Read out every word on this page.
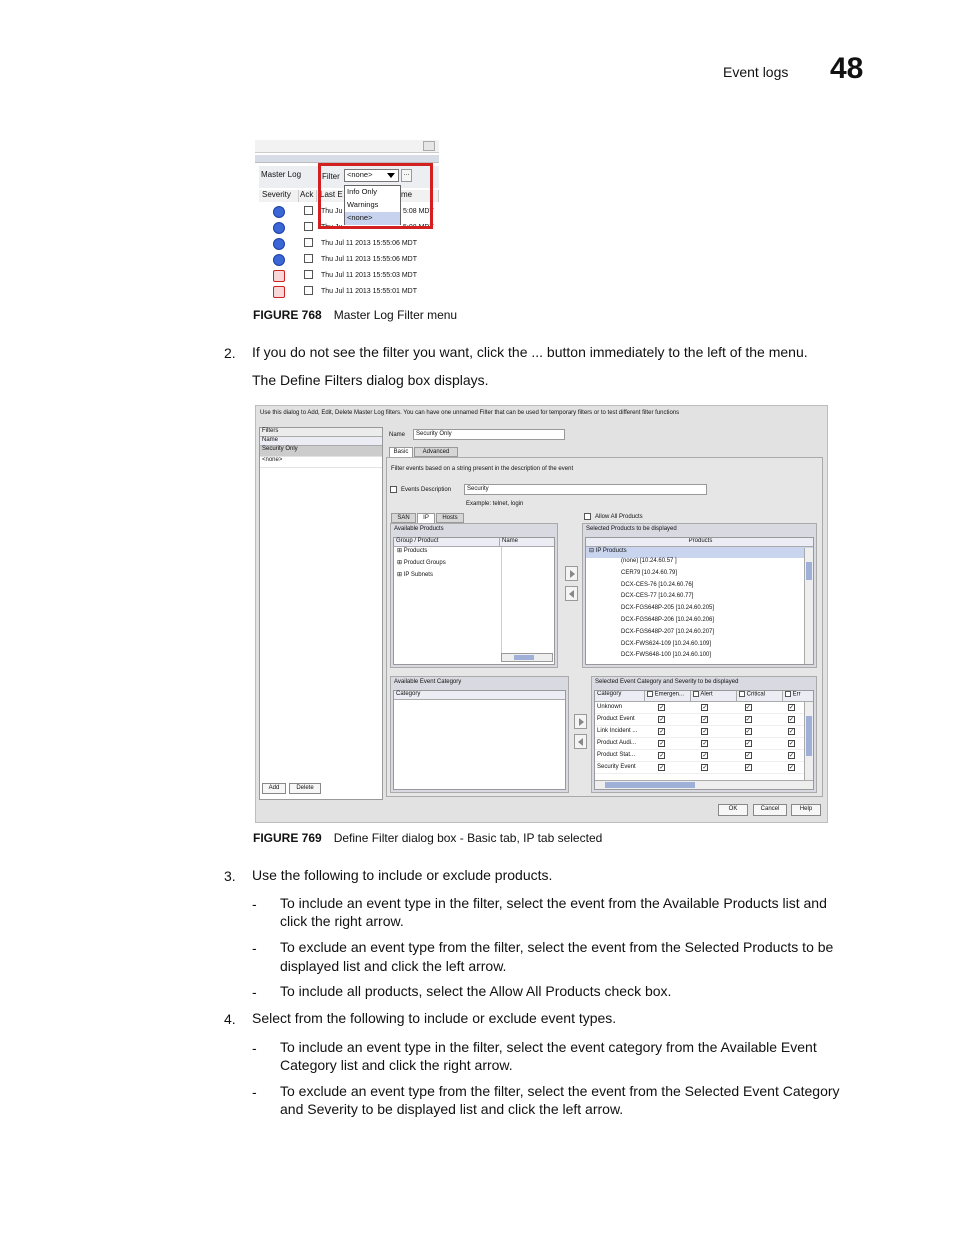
Event logs 48
Master Log	Filter <none>	...
Severity	Ack Last E	me
Thu Ju	5:08 MDT
Thu Ju	5:08 MDT
Thu Jul 11 2013 15:55:06 MDT
Thu Jul 11 2013 15:55:06 MDT
Thu Jul 11 2013 15:55:03 MDT
Thu Jul 11 2013 15:55:01 MDT
Info Only
Warnings
<none>
FIGURE 768 Master Log Filter menu
2. If you do not see the filter you want, click the ... button immediately to the left of the menu.
The Define Filters dialog box displays.
Use this dialog to Add, Edit, Delete Master Log filters. You can have one unnamed Filter that can be used for temporary filters or to test different filter functions
Filters
Name
Security Only
<none>
Add	Delete
Name	Security Only
Basic	Advanced
Filter events based on a string present in the description of the event
Events Description	Security
Example: telnet, login
SAN	IP	Hosts	Allow All Products
Available Products
Group / Product	Name
⊞ Products
⊞ Product Groups
⊞ IP Subnets
Selected Products to be displayed
Products
⊟ IP Products
(none) [10.24.60.57 ]
CER79 [10.24.60.79]
DCX-CES-76 [10.24.60.76]
DCX-CES-77 [10.24.60.77]
DCX-FGS648P-205 [10.24.60.205]
DCX-FGS648P-206 [10.24.60.206]
DCX-FGS648P-207 [10.24.60.207]
DCX-FWS624-109 [10.24.60.109]
DCX-FWS648-100 [10.24.60.100]
Available Event Category
Category
Selected Event Category and Severity to be displayed
Category	Emergen...	Alert	Critical	Err
Unknown	✓	✓	✓	✓
Product Event	✓	✓	✓	✓
Link Incident ...	✓	✓	✓	✓
Product Audi...	✓	✓	✓	✓
Product Stat...	✓	✓	✓	✓
Security Event	✓	✓	✓	✓
OK	Cancel	Help
FIGURE 769 Define Filter dialog box - Basic tab, IP tab selected
3. Use the following to include or exclude products.
- To include an event type in the filter, select the event from the Available Products list and
click the right arrow.
- To exclude an event type from the filter, select the event from the Selected Products to be
displayed list and click the left arrow.
- To include all products, select the Allow All Products check box.
4. Select from the following to include or exclude event types.
- To include an event type in the filter, select the event category from the Available Event
Category list and click the right arrow.
- To exclude an event type from the filter, select the event from the Selected Event Category
and Severity to be displayed list and click the left arrow.
